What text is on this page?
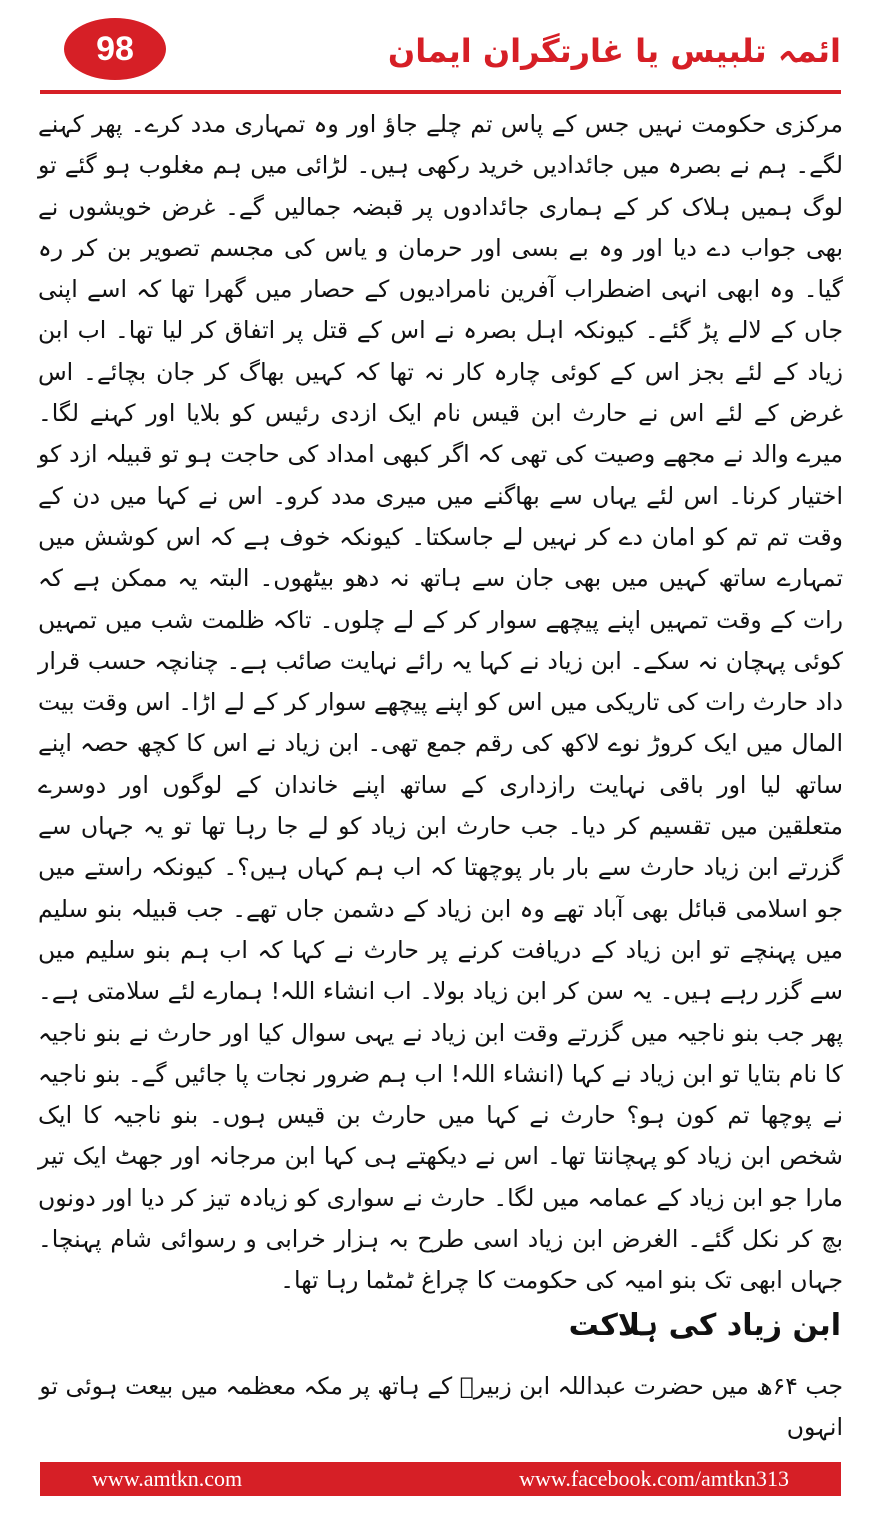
98	ائمہ تلبیس یا غارتگران ایمان

مرکزی حکومت نہیں جس کے پاس تم چلے جاؤ اور وہ تمہاری مدد کرے۔ پھر کہنے لگے۔ ہم نے بصرہ میں جائدادیں خرید رکھی ہیں۔ لڑائی میں ہم مغلوب ہو گئے تو لوگ ہمیں ہلاک کر کے ہماری جائدادوں پر قبضہ جمالیں گے۔ غرض خویشوں نے بھی جواب دے دیا اور وہ بے بسی اور حرمان و یاس کی مجسم تصویر بن کر رہ گیا۔ وہ ابھی انہی اضطراب آفرین نامرادیوں کے حصار میں گھرا تھا کہ اسے اپنی جاں کے لالے پڑ گئے۔ کیونکہ اہل بصرہ نے اس کے قتل پر اتفاق کر لیا تھا۔ اب ابن زیاد کے لئے بجز اس کے کوئی چارہ کار نہ تھا کہ کہیں بھاگ کر جان بچائے۔ اس غرض کے لئے اس نے حارث ابن قیس نام ایک ازدی رئیس کو بلایا اور کہنے لگا۔ میرے والد نے مجھے وصیت کی تھی کہ اگر کبھی امداد کی حاجت ہو تو قبیلہ ازد کو اختیار کرنا۔ اس لئے یہاں سے بھاگنے میں میری مدد کرو۔ اس نے کہا میں دن کے وقت تم تم کو امان دے کر نہیں لے جاسکتا۔ کیونکہ خوف ہے کہ اس کوشش میں تمہارے ساتھ کہیں میں بھی جان سے ہاتھ نہ دھو بیٹھوں۔ البتہ یہ ممکن ہے کہ رات کے وقت تمہیں اپنے پیچھے سوار کر کے لے چلوں۔ تاکہ ظلمت شب میں تمہیں کوئی پہچان نہ سکے۔ ابن زیاد نے کہا یہ رائے نہایت صائب ہے۔ چنانچہ حسب قرار داد حارث رات کی تاریکی میں اس کو اپنے پیچھے سوار کر کے لے اڑا۔ اس وقت بیت المال میں ایک کروڑ نوے لاکھ کی رقم جمع تھی۔ ابن زیاد نے اس کا کچھ حصہ اپنے ساتھ لیا اور باقی نہایت رازداری کے ساتھ اپنے خاندان کے لوگوں اور دوسرے متعلقین میں تقسیم کر دیا۔ جب حارث ابن زیاد کو لے جا رہا تھا تو یہ جہاں سے گزرتے ابن زیاد حارث سے بار بار پوچھتا کہ اب ہم کہاں ہیں؟۔ کیونکہ راستے میں جو اسلامی قبائل بھی آباد تھے وہ ابن زیاد کے دشمن جاں تھے۔ جب قبیلہ بنو سلیم میں پہنچے تو ابن زیاد کے دریافت کرنے پر حارث نے کہا کہ اب ہم بنو سلیم میں سے گزر رہے ہیں۔ یہ سن کر ابن زیاد بولا۔ اب انشاء اللہ! ہمارے لئے سلامتی ہے۔ پھر جب بنو ناجیہ میں گزرتے وقت ابن زیاد نے یہی سوال کیا اور حارث نے بنو ناجیہ کا نام بتایا تو ابن زیاد نے کہا (انشاء اللہ! اب ہم ضرور نجات پا جائیں گے۔ بنو ناجیہ نے پوچھا تم کون ہو؟ حارث نے کہا میں حارث بن قیس ہوں۔ بنو ناجیہ کا ایک شخص ابن زیاد کو پہچانتا تھا۔ اس نے دیکھتے ہی کہا ابن مرجانہ اور جھٹ ایک تیر مارا جو ابن زیاد کے عمامہ میں لگا۔ حارث نے سواری کو زیادہ تیز کر دیا اور دونوں بچ کر نکل گئے۔ الغرض ابن زیاد اسی طرح بہ ہزار خرابی و رسوائی شام پہنچا۔ جہاں ابھی تک بنو امیہ کی حکومت کا چراغ ٹمٹما رہا تھا۔

ابن زیاد کی ہلاکت

جب ۶۴ھ میں حضرت عبداللہ ابن زبیرؓ کے ہاتھ پر مکہ معظمہ میں بیعت ہوئی تو انہوں

www.amtkn.com	www.facebook.com/amtkn313
